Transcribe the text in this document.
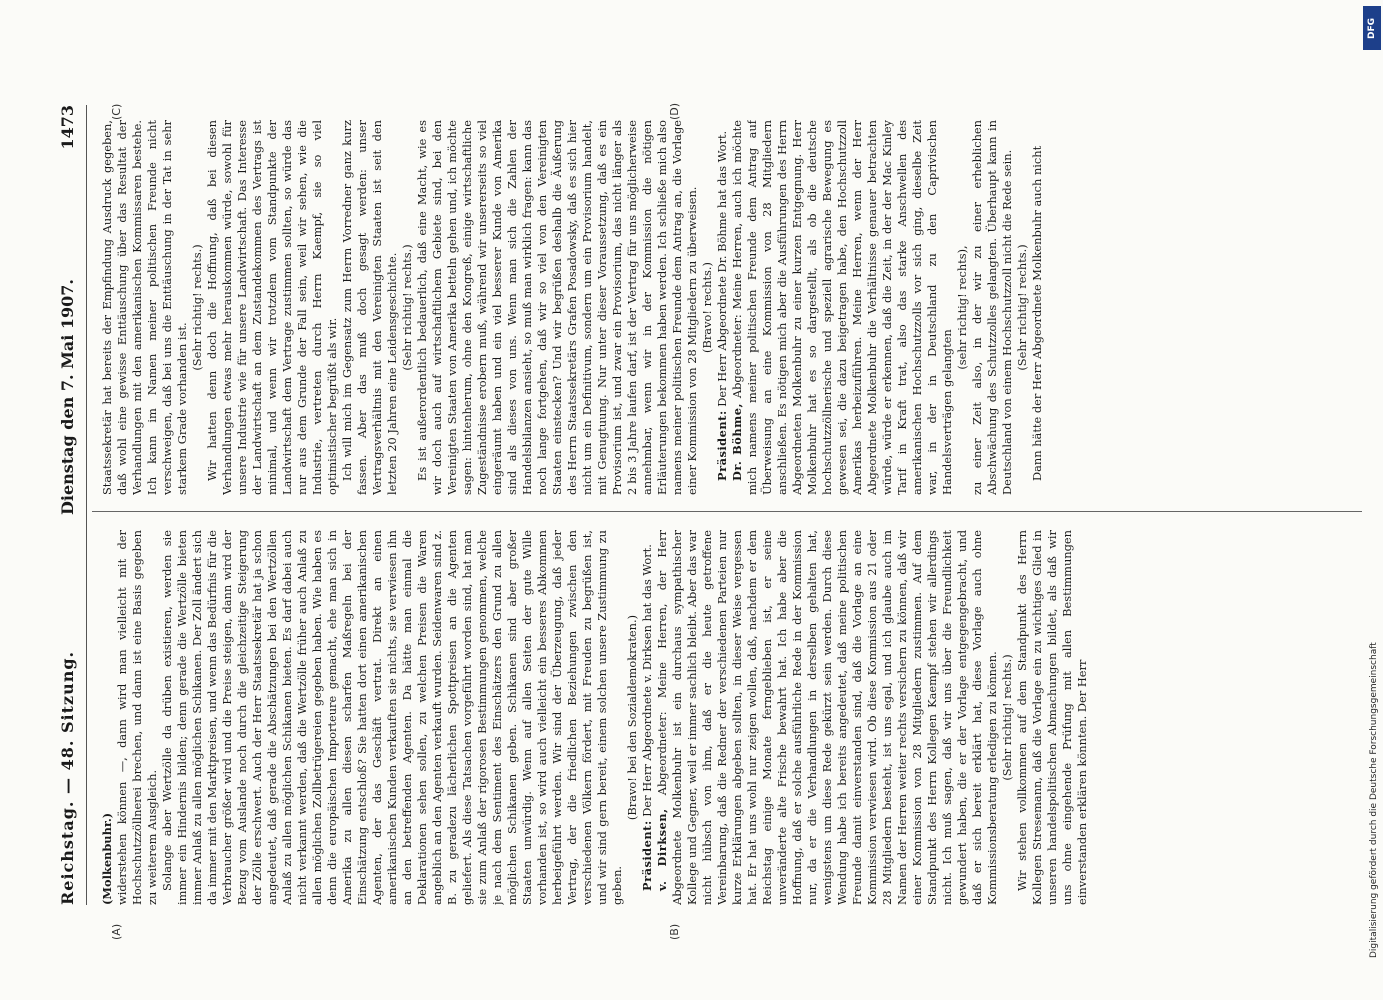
Reichstag. — 48. Sitzung.
Dienstag den 7. Mai 1907.
1473
(A)	(B)
(C)	(D)

(Molkenbuhr.) widerstehen können —, dann wird man vielleicht mit der Hochschutzzöllnerei brechen, und dann ist eine Basis gegeben zu weiterem Ausgleich. Solange aber Wertzölle da drüben existieren, werden sie immer ein Hindernis bilden; denn gerade die Wertzölle bieten immer Anlaß zu allen möglichen Schikanen. Der Zoll ändert sich da immer mit den Marktpreisen, und wenn das Bedürfnis für die Verbraucher größer wird und die Preise steigen, dann wird der Bezug vom Auslande noch durch die gleichzeitige Steigerung der Zölle erschwert. Auch der Herr Staatssekretär hat ja schon angedeutet, daß gerade die Abschätzungen bei den Wertzöllen Anlaß zu allen möglichen Schikanen bieten. Es darf dabei auch nicht verkannt werden, daß die Wertzölle früher auch Anlaß zu allen möglichen Zollbetrügereien gegeben haben. Wie haben es denn die europäischen Importeure gemacht, ehe man sich in Amerika zu allen diesen scharfen Maßregeln bei der Einschätzung entschloß? Sie hatten dort einen amerikanischen Agenten, der das Geschäft vertrat. Direkt an einen amerikanischen Kunden verkauften sie nichts, sie verwiesen ihn an den betreffenden Agenten. Da hätte man einmal die Deklarationen sehen sollen, zu welchen Preisen die Waren angeblich an den Agenten verkauft wurden. Seidenwaren sind z. B. zu geradezu lächerlichen Spottpreisen an die Agenten geliefert. Als diese Tatsachen vorgeführt worden sind, hat man sie zum Anlaß der rigorosen Bestimmungen genommen, welche je nach dem Sentiment des Einschätzers den Grund zu allen möglichen Schikanen geben. Schikanen sind aber großer Staaten unwürdig. Wenn auf allen Seiten der gute Wille vorhanden ist, so wird auch vielleicht ein besseres Abkommen herbeigeführt werden. Wir sind der Überzeugung, daß jeder Vertrag, der die friedlichen Beziehungen zwischen den verschiedenen Völkern fördert, mit Freuden zu begrüßen ist, und wir sind gern bereit, einem solchen unsere Zustimmung zu geben.

(Bravo! bei den Sozialdemokraten.)

Präsident: Der Herr Abgeordnete v. Dirksen hat das Wort.

v. Dirksen, Abgeordneter: Meine Herren, der Herr Abgeordnete Molkenbuhr ist ein durchaus sympathischer Kollege und Gegner, weil er immer sachlich bleibt. Aber das war nicht hübsch von ihm, daß er die heute getroffene Vereinbarung, daß die Redner der verschiedenen Parteien nur kurze Erklärungen abgeben sollten, in dieser Weise vergessen hat. Er hat uns wohl nur zeigen wollen, daß, nachdem er dem Reichstag einige Monate ferngeblieben ist, er seine unveränderte alte Frische bewahrt hat. Ich habe aber die Hoffnung, daß er solche ausführliche Rede in der Kommission nur, da er die Verhandlungen in derselben gehalten hat, wenigstens um diese Rede gekürzt sein werden. Durch diese Wendung habe ich bereits angedeutet, daß meine politischen Freunde damit einverstanden sind, daß die Vorlage an eine Kommission verwiesen wird. Ob diese Kommission aus 21 oder 28 Mitgliedern besteht, ist uns egal, und ich glaube auch im Namen der Herren weiter rechts versichern zu können, daß wir einer Kommission von 28 Mitgliedern zustimmen. Auf dem Standpunkt des Herrn Kollegen Kaempf stehen wir allerdings nicht. Ich muß sagen, daß wir uns über die Freundlichkeit gewundert haben, die er der Vorlage entgegengebracht, und daß er sich bereit erklärt hat, diese Vorlage auch ohne Kommissionsberatung erledigen zu können. (Sehr richtig! rechts.) Wir stehen vollkommen auf dem Standpunkt des Herrn Kollegen Stresemann, daß die Vorlage ein zu wichtiges Glied in unseren handelspolitischen Abmachungen bildet, als daß wir uns ohne eingehende Prüfung mit allen Bestimmungen einverstanden erklären könnten. Der Herr

Staatssekretär hat bereits der Empfindung Ausdruck gegeben, daß wohl eine gewisse Enttäuschung über das Resultat der Verhandlungen mit den amerikanischen Kommissaren bestehe. Ich kann im Namen meiner politischen Freunde nicht verschweigen, daß bei uns die Enttäuschung in der Tat in sehr starkem Grade vorhanden ist.

(Sehr richtig! rechts.) Wir hatten denn doch die Hoffnung, daß bei diesen Verhandlungen etwas mehr herauskommen würde, sowohl für unsere Industrie wie für unsere Landwirtschaft. Das Interesse der Landwirtschaft an dem Zustandekommen des Vertrags ist minimal, und wenn wir trotzdem vom Standpunkte der Landwirtschaft dem Vertrage zustimmen sollten, so würde das nur aus dem Grunde der Fall sein, weil wir sehen, wie die Industrie, vertreten durch Herrn Kaempf, sie so viel optimistischer begrüßt als wir. Ich will mich im Gegensatz zum Herrn Vorredner ganz kurz fassen. Aber das muß doch gesagt werden: unser Vertragsverhältnis mit den Vereinigten Staaten ist seit den letzten 20 Jahren eine Leidensgeschichte. (Sehr richtig! rechts.) Es ist außerordentlich bedauerlich, daß eine Macht, wie es wir doch auch auf wirtschaftlichem Gebiete sind, bei den Vereinigten Staaten von Amerika betteln gehen und, ich möchte sagen: hintenherum, ohne den Kongreß, einige wirtschaftliche Zugeständnisse erobern muß, während wir unsererseits so viel eingeräumt haben und ein viel besserer Kunde von Amerika sind als dieses von uns. Wenn man sich die Zahlen der Handelsbilanzen ansieht, so muß man wirklich fragen: kann das noch lange fortgehen, daß wir so viel von den Vereinigten Staaten einstecken? Und wir begrüßen deshalb die Äußerung des Herrn Staatssekretärs Grafen Posadowsky, daß es sich hier nicht um ein Definitivum, sondern um ein Provisorium handelt, mit Genugtuung. Nur unter dieser Voraussetzung, daß es ein Provisorium ist, und zwar ein Provisorium, das nicht länger als 2 bis 3 Jahre laufen darf, ist der Vertrag für uns möglicherweise annehmbar, wenn wir in der Kommission die nötigen Erläuterungen bekommen haben werden. Ich schließe mich also namens meiner politischen Freunde dem Antrag an, die Vorlage einer Kommission von 28 Mitgliedern zu überweisen. (Bravo! rechts.)

Präsident: Der Herr Abgeordnete Dr. Böhme hat das Wort.

Dr. Böhme, Abgeordneter: Meine Herren, auch ich möchte mich namens meiner politischen Freunde dem Antrag auf Überweisung an eine Kommission von 28 Mitgliedern anschließen. Es nötigen mich aber die Ausführungen des Herrn Abgeordneten Molkenbuhr zu einer kurzen Entgegnung. Herr Molkenbuhr hat es so dargestellt, als ob die deutsche hochschutzzöllnerische und speziell agrarische Bewegung es gewesen sei, die dazu beigetragen habe, den Hochschutzzoll Amerikas herbeizuführen. Meine Herren, wenn der Herr Abgeordnete Molkenbuhr die Verhältnisse genauer betrachten würde, würde er erkennen, daß die Zeit, in der der Mac Kinley Tarif in Kraft trat, also das starke Anschwellen des amerikanischen Hochschutzzolls vor sich ging, dieselbe Zeit war, in der in Deutschland zu den Caprivischen Handelsverträgen gelangten

(sehr richtig! rechts), zu einer Zeit also, in der wir zu einer erheblichen Abschwächung des Schutzzolles gelangten. Überhaupt kann in Deutschland von einem Hochschutzzoll nicht die Rede sein. (Sehr richtig! rechts.) Dann hätte der Herr Abgeordnete Molkenbuhr auch nicht

DFG
Digitalisierung gefördert durch die Deutsche Forschungsgemeinschaft
